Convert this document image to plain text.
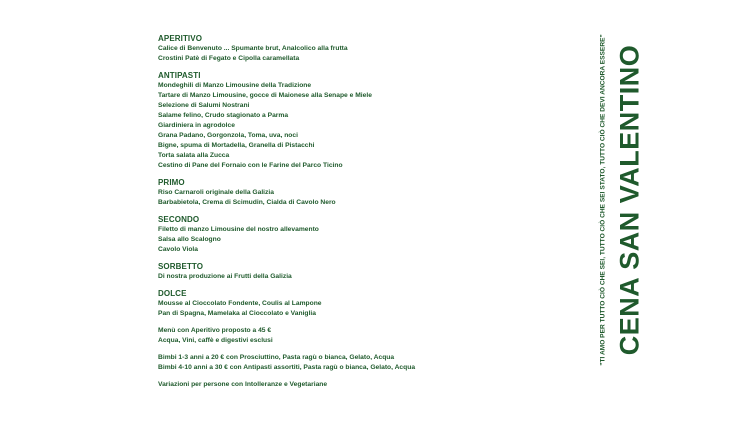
APERITIVO
Calice di Benvenuto ... Spumante brut, Analcolico alla frutta
Crostini Patè di Fegato e Cipolla caramellata
ANTIPASTI
Mondeghili di Manzo Limousine della Tradizione
Tartare di Manzo Limousine, gocce di Maionese alla Senape e Miele
Selezione di Salumi Nostrani
Salame felino, Crudo stagionato a Parma
Giardiniera in agrodolce
Grana Padano, Gorgonzola, Toma, uva, noci
Bigne, spuma di Mortadella, Granella di Pistacchi
Torta salata alla Zucca
Cestino di Pane del Fornaio con le Farine del Parco Ticino
PRIMO
Riso Carnaroli originale della Galizia
Barbabietola, Crema di Scimudin, Cialda di Cavolo Nero
SECONDO
Filetto di manzo Limousine del nostro allevamento
Salsa allo Scalogno
Cavolo Viola
SORBETTO
Di nostra produzione ai Frutti della Galizia
DOLCE
Mousse al Cioccolato Fondente, Coulis al Lampone
Pan di Spagna, Mamelaka al Cioccolato e Vaniglia
Menù con Aperitivo proposto a 45 €
Acqua, Vini, caffè e digestivi esclusi
Bimbi 1-3 anni a 20 € con Prosciuttino, Pasta ragù o bianca, Gelato, Acqua
Bimbi 4-10 anni a 30 € con Antipasti assortiti, Pasta ragù o bianca, Gelato, Acqua
Variazioni per persone con Intolleranze e Vegetariane
"TI AMO PER TUTTO CIÒ CHE SEI, TUTTO CIÒ CHE SEI STATO, TUTTO CIÒ CHE DEVI ANCORA ESSERE" CENA SAN VALENTINO
